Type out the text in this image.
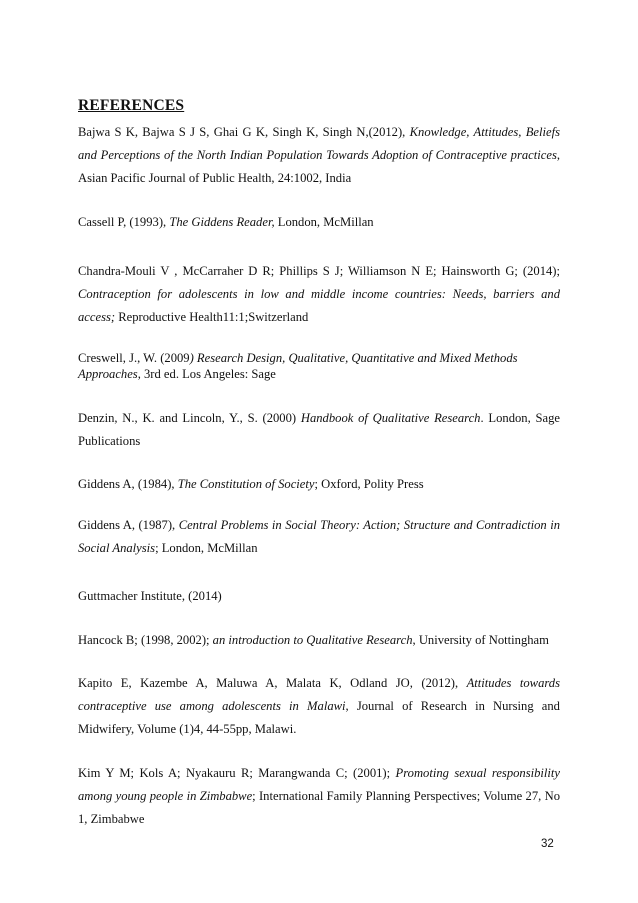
REFERENCES

Bajwa S K, Bajwa S J S, Ghai G K, Singh K, Singh N,(2012), Knowledge, Attitudes, Beliefs and Perceptions of the North Indian Population Towards Adoption of Contraceptive practices, Asian Pacific Journal of Public Health, 24:1002, India

Cassell P, (1993), The Giddens Reader, London, McMillan

Chandra-Mouli V , McCarraher D R; Phillips S J; Williamson N E; Hainsworth G; (2014); Contraception for adolescents in low and middle income countries: Needs, barriers and access; Reproductive Health11:1;Switzerland

Creswell, J., W. (2009) Research Design, Qualitative, Quantitative and Mixed Methods Approaches, 3rd ed. Los Angeles: Sage

Denzin, N., K. and Lincoln, Y., S. (2000) Handbook of Qualitative Research. London, Sage Publications

Giddens A, (1984), The Constitution of Society; Oxford, Polity Press

Giddens A, (1987), Central Problems in Social Theory: Action; Structure and Contradiction in Social Analysis; London, McMillan

Guttmacher Institute, (2014)

Hancock B; (1998, 2002); an introduction to Qualitative Research, University of Nottingham

Kapito E, Kazembe A, Maluwa A, Malata K, Odland JO, (2012), Attitudes towards contraceptive use among adolescents in Malawi, Journal of Research in Nursing and Midwifery, Volume (1)4, 44-55pp, Malawi.

Kim Y M; Kols A; Nyakauru R; Marangwanda C; (2001); Promoting sexual responsibility among young people in Zimbabwe; International Family Planning Perspectives; Volume 27, No 1, Zimbabwe

32
